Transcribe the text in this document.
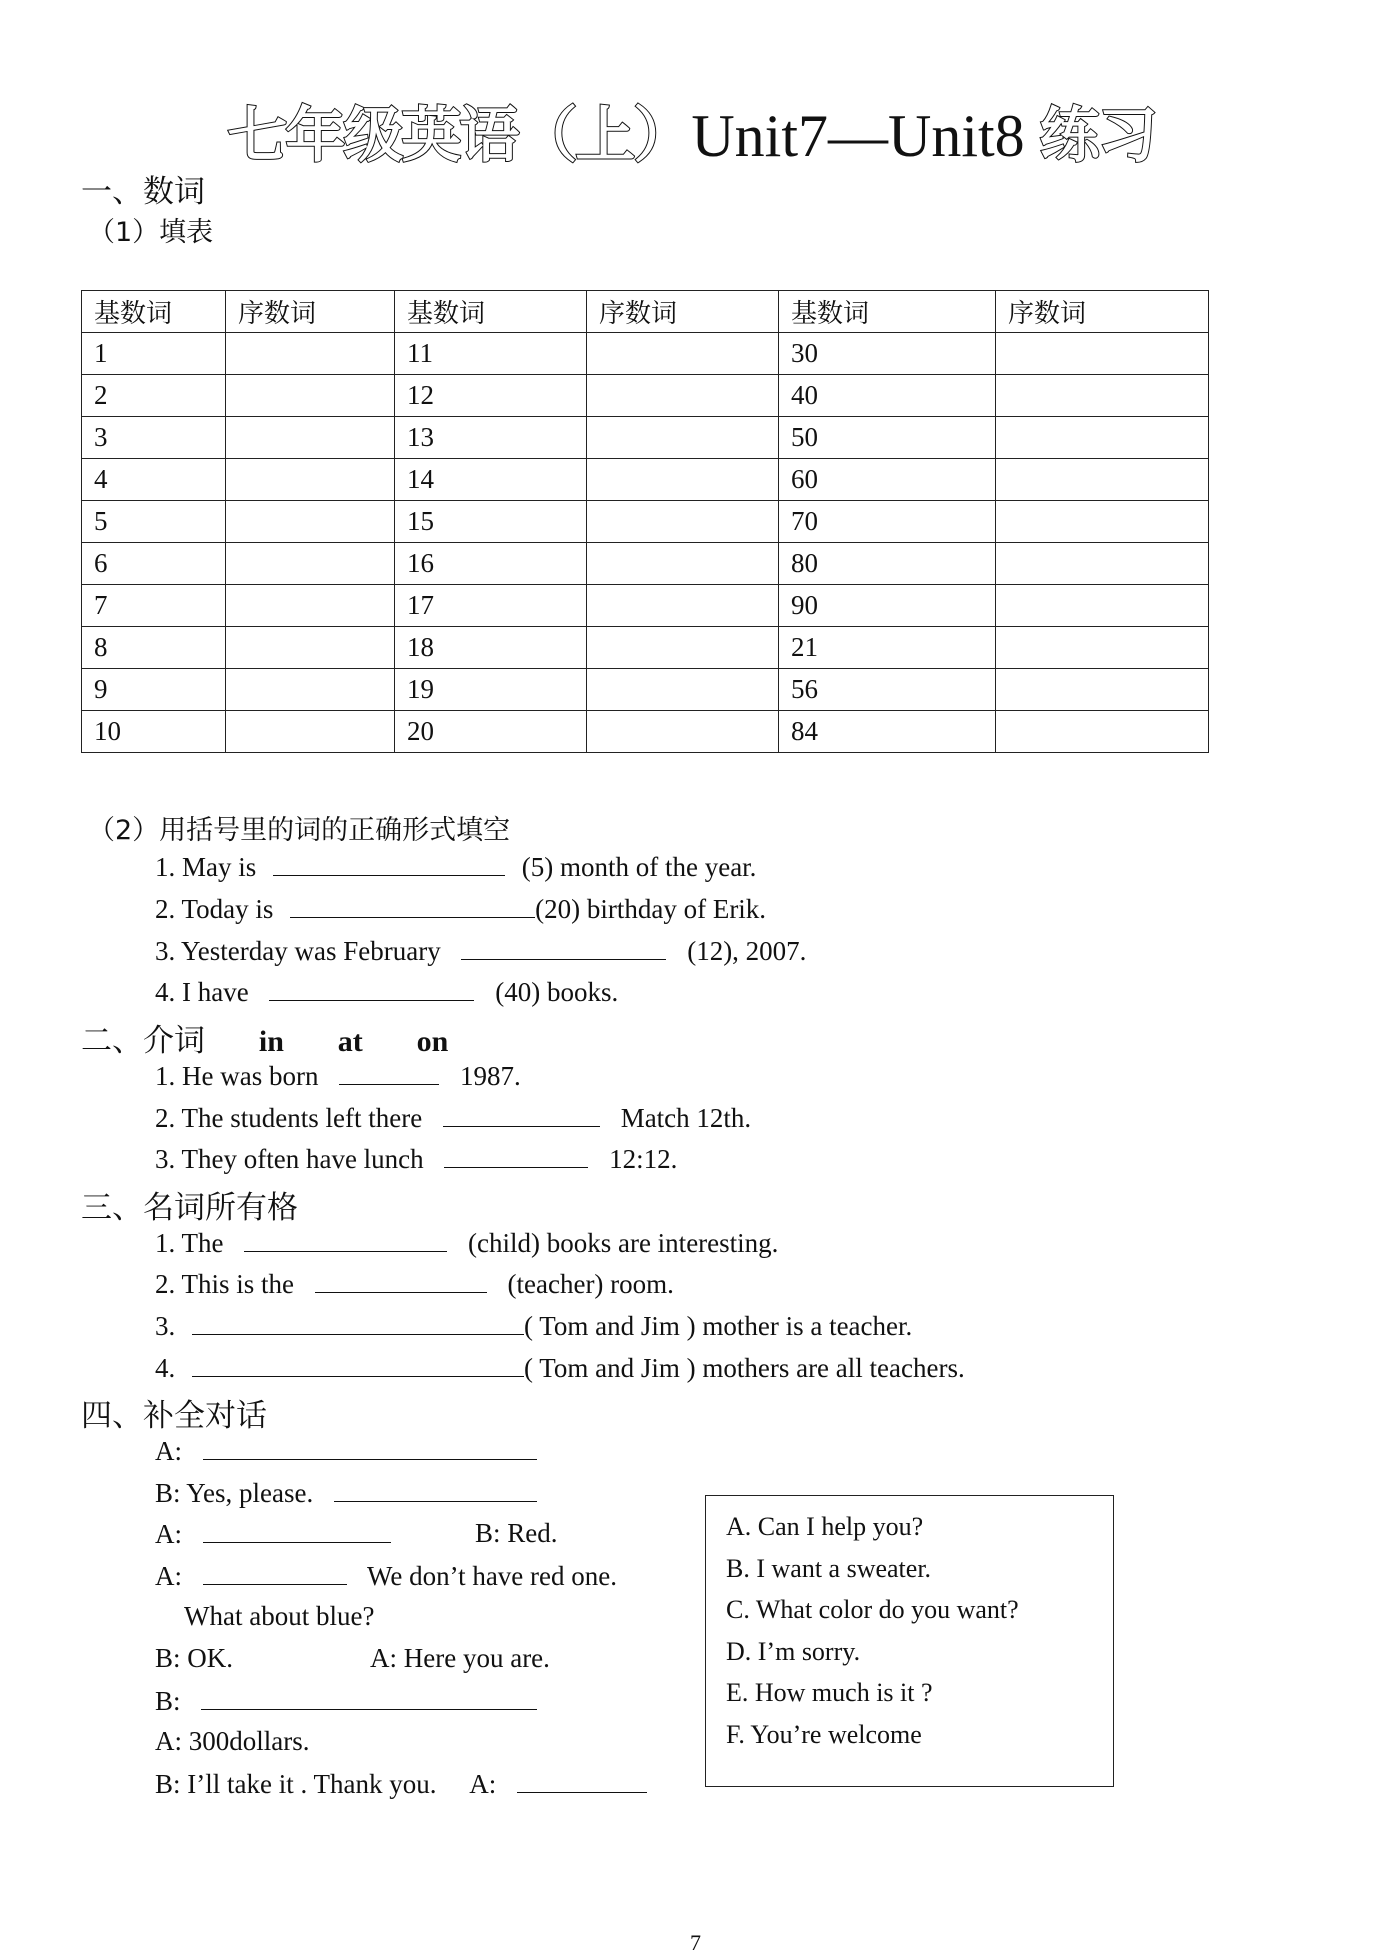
七年级英语（上）Unit7—Unit8 练习
一、数词
（1）填表
基数词	序数词	基数词	序数词	基数词	序数词
1		11		30	
2		12		40	
3		13		50	
4		14		60	
5		15		70	
6		16		80	
7		17		90	
8		18		21	
9		19		56	
10		20		84	
（2）用括号里的词的正确形式填空
1. May is	(5) month of the year.
2. Today is	(20) birthday of Erik.
3. Yesterday was February	(12), 2007.
4. I have	(40) books.
二、介词 in at on
1. He was born	1987.
2. The students left there	Match 12th.
3. They often have lunch	12:12.
三、名词所有格
1. The	(child) books are interesting.
2. This is the	(teacher) room.
3.	( Tom and Jim ) mother is a teacher.
4.	( Tom and Jim ) mothers are all teachers.
四、补全对话
A:
B: Yes, please.
A:	B: Red.
A:	We don’t have red one.
What about blue?
B: OK.	A: Here you are.
B:
A: 300dollars.
B: I’ll take it . Thank you. A:
A. Can I help you?
B. I want a sweater.
C. What color do you want?
D. I’m sorry.
E. How much is it ?
F. You’re welcome
7
